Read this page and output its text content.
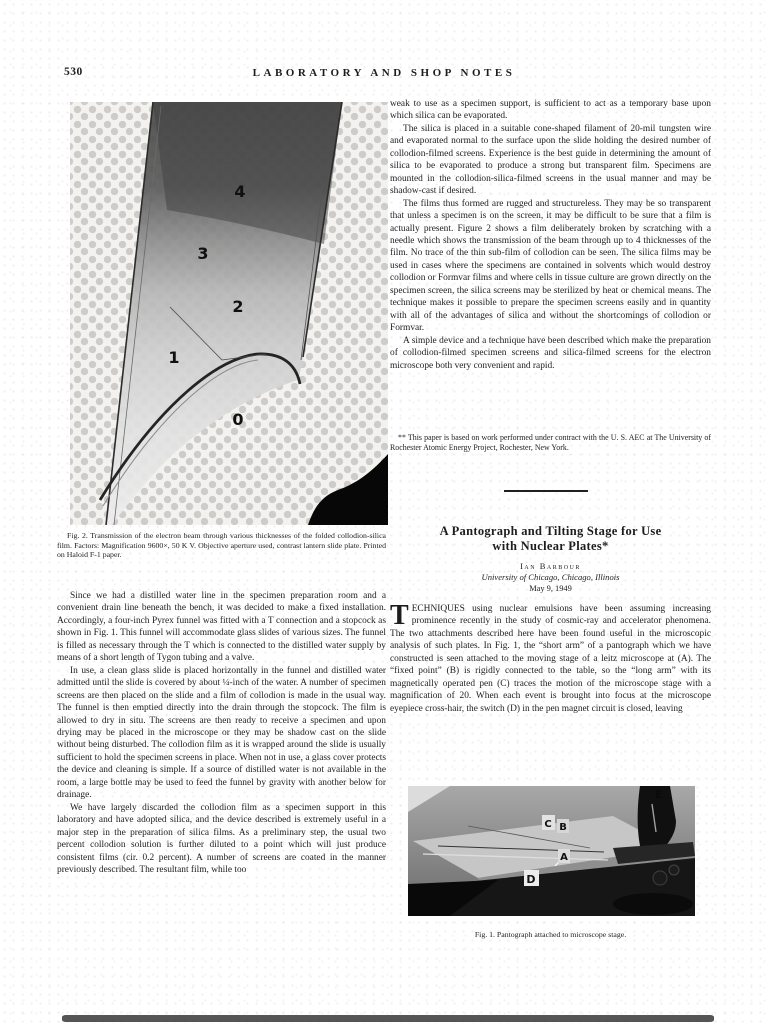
530	LABORATORY AND SHOP NOTES
4
3
2
1
0
Fig. 2. Transmission of the electron beam through various thicknesses of the folded collodion-silica film. Factors: Magnification 9600×, 50 K V. Objective aperture used, contrast lantern slide plate. Printed on Haloid F-1 paper.

Since we had a distilled water line in the specimen preparation room and a convenient drain line beneath the bench, it was decided to make a fixed installation. Accordingly, a four-inch Pyrex funnel was fitted with a T connection and a stopcock as shown in Fig. 1. This funnel will accommodate glass slides of various sizes. The funnel is filled as necessary through the T which is connected to the distilled water supply by means of a short length of Tygon tubing and a valve.

In use, a clean glass slide is placed horizontally in the funnel and distilled water admitted until the slide is covered by about ¼-inch of the water. A number of specimen screens are then placed on the slide and a film of collodion is made in the usual way. The funnel is then emptied directly into the drain through the stopcock. The film is allowed to dry in situ. The screens are then ready to receive a specimen and upon drying may be placed in the microscope or they may be shadow cast on the slide without being disturbed. The collodion film as it is wrapped around the slide is usually sufficient to hold the specimen screens in place. When not in use, a glass cover protects the device and cleaning is simple. If a source of distilled water is not available in the room, a large bottle may be used to feed the funnel by gravity with another below for drainage.

We have largely discarded the collodion film as a specimen support in this laboratory and have adopted silica, and the device described is extremely useful in a major step in the preparation of silica films. As a preliminary step, the usual two percent collodion solution is further diluted to a point which will just produce consistent films (cir. 0.2 percent). A number of screens are coated in the manner previously described. The resultant film, while too

weak to use as a specimen support, is sufficient to act as a temporary base upon which silica can be evaporated.

The silica is placed in a suitable cone-shaped filament of 20-mil tungsten wire and evaporated normal to the surface upon the slide holding the desired number of collodion-filmed screens. Experience is the best guide in determining the amount of silica to be evaporated to produce a strong but transparent film. Specimens are mounted in the collodion-silica-filmed screens in the usual manner and may be shadow-cast if desired.

The films thus formed are rugged and structureless. They may be so transparent that unless a specimen is on the screen, it may be difficult to be sure that a film is actually present. Figure 2 shows a film deliberately broken by scratching with a needle which shows the transmission of the beam through up to 4 thicknesses of the film. No trace of the thin sub-film of collodion can be seen. The silica films may be used in cases where the specimens are contained in solvents which would destroy collodion or Formvar films and where cells in tissue culture are grown directly on the specimen screen, the silica screens may be sterilized by heat or chemical means. The technique makes it possible to prepare the specimen screens easily and in quantity with all of the advantages of silica and without the shortcomings of collodion or Formvar.

A simple device and a technique have been described which make the preparation of collodion-filmed specimen screens and silica-filmed screens for the electron microscope both very convenient and rapid.

** This paper is based on work performed under contract with the U. S. AEC at The University of Rochester Atomic Energy Project, Rochester, New York.
A Pantograph and Tilting Stage for Use
with Nuclear Plates*
Ian Barbour
University of Chicago, Chicago, Illinois
May 9, 1949

TECHNIQUES using nuclear emulsions have been assuming increasing prominence recently in the study of cosmic-ray and accelerator phenomena. The two attachments described here have been found useful in the microscopic analysis of such plates. In Fig. 1, the “short arm” of a pantograph which we have constructed is seen attached to the moving stage of a leitz microscope at (A). The “fixed point” (B) is rigidly connected to the table, so the “long arm” with its magnetically operated pen (C) traces the motion of the microscope stage with a magnification of 20. When each event is brought into focus at the microscope eyepiece cross-hair, the switch (D) in the pen magnet circuit is closed, leaving

C B
A
D
E
Fig. 1. Pantograph attached to microscope stage.
